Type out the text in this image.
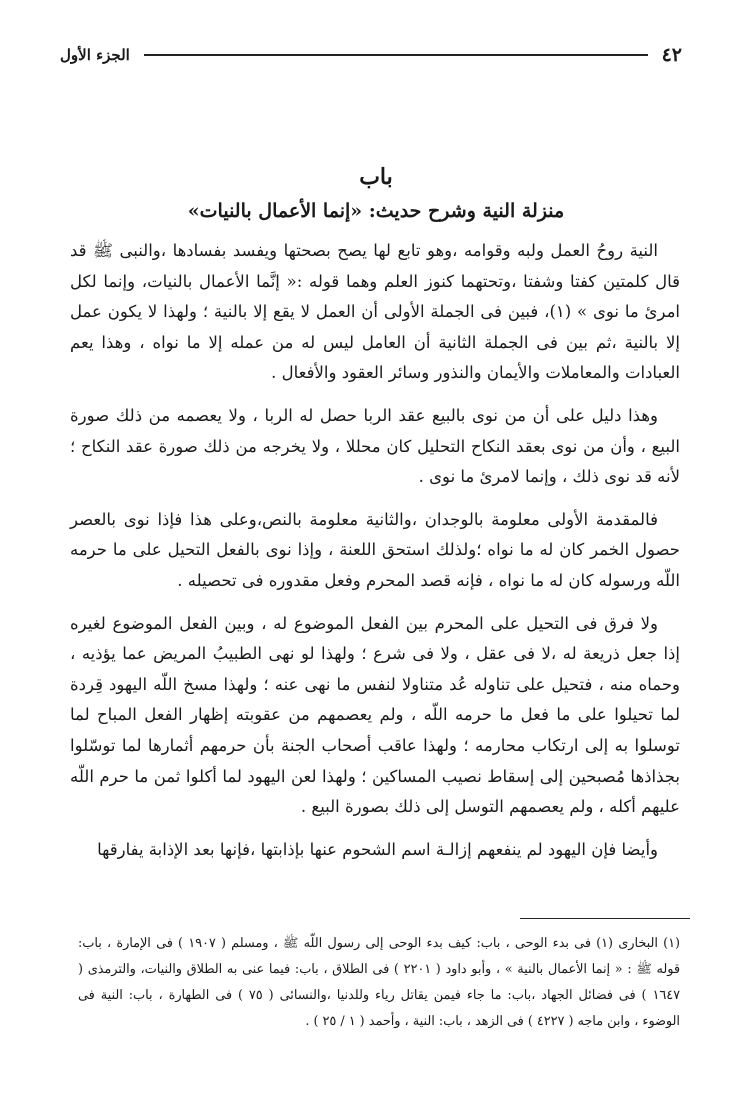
٤٢
الجزء الأول
باب
منزلة النية وشرح حديث: «إنما الأعمال بالنيات»

النية روحُ العمل ولبه وقوامه ،وهو تابع لها يصح بصحتها ويفسد بفسادها ،والنبى ﷺ قد قال كلمتين كفتا وشفتا ،وتحتهما كنوز العلم وهما قوله :« إنَّما الأعمال بالنيات، وإنما لكل امرئ ما نوى » (١)، فبين فى الجملة الأولى أن العمل لا يقع إلا بالنية ؛ ولهذا لا يكون عمل إلا بالنية ،ثم بين فى الجملة الثانية أن العامل ليس له من عمله إلا ما نواه ، وهذا يعم العبادات والمعاملات والأيمان والنذور وسائر العقود والأفعال .

وهذا دليل على أن من نوى بالبيع عقد الربا حصل له الربا ، ولا يعصمه من ذلك صورة البيع ، وأن من نوى بعقد النكاح التحليل كان محللا ، ولا يخرجه من ذلك صورة عقد النكاح ؛ لأنه قد نوى ذلك ، وإنما لامرئ ما نوى .

فالمقدمة الأولى معلومة بالوجدان ،والثانية معلومة بالنص،وعلى هذا فإذا نوى بالعصر حصول الخمر كان له ما نواه ؛ولذلك استحق اللعنة ، وإذا نوى بالفعل التحيل على ما حرمه اللّه ورسوله كان له ما نواه ، فإنه قصد المحرم وفعل مقدوره فى تحصيله .

ولا فرق فى التحيل على المحرم بين الفعل الموضوع له ، وبين الفعل الموضوع لغيره إذا جعل ذريعة له ،لا فى عقل ، ولا فى شرع ؛ ولهذا لو نهى الطبيبُ المريض عما يؤذيه ، وحماه منه ، فتحيل على تناوله عُد متناولا لنفس ما نهى عنه ؛ ولهذا مسخ اللّه اليهود قِردة لما تحيلوا على ما فعل ما حرمه اللّه ، ولم يعصمهم من عقوبته إظهار الفعل المباح لما توسلوا به إلى ارتكاب محارمه ؛ ولهذا عاقب أصحاب الجنة بأن حرمهم أثمارها لما توسّلوا بجذاذها مُصبحين إلى إسقاط نصيب المساكين ؛ ولهذا لعن اليهود لما أكلوا ثمن ما حرم اللّه عليهم أكله ، ولم يعصمهم التوسل إلى ذلك بصورة البيع .

وأيضا فإن اليهود لم ينفعهم إزالـة اسم الشحوم عنها بإذابتها ،فإنها بعد الإذابة يفارقها

(١) البخارى (١) فى بدء الوحى ، باب: كيف بدء الوحى إلى رسول اللّه ﷺ ، ومسلم ( ١٩٠٧ ) فى الإمارة ، باب: قوله ﷺ : « إنما الأعمال بالنية » ، وأبو داود ( ٢٢٠١ ) فى الطلاق ، باب: فيما عنى به الطلاق والنيات، والترمذى ( ١٦٤٧ ) فى فضائل الجهاد ،باب: ما جاء فيمن يقاتل رياء وللدنيا ،والنسائى ( ٧٥ ) فى الطهارة ، باب: النية فى الوضوء ، وابن ماجه ( ٤٢٢٧ ) فى الزهد ، باب: النية ، وأحمد ( ١ / ٢٥ ) .
